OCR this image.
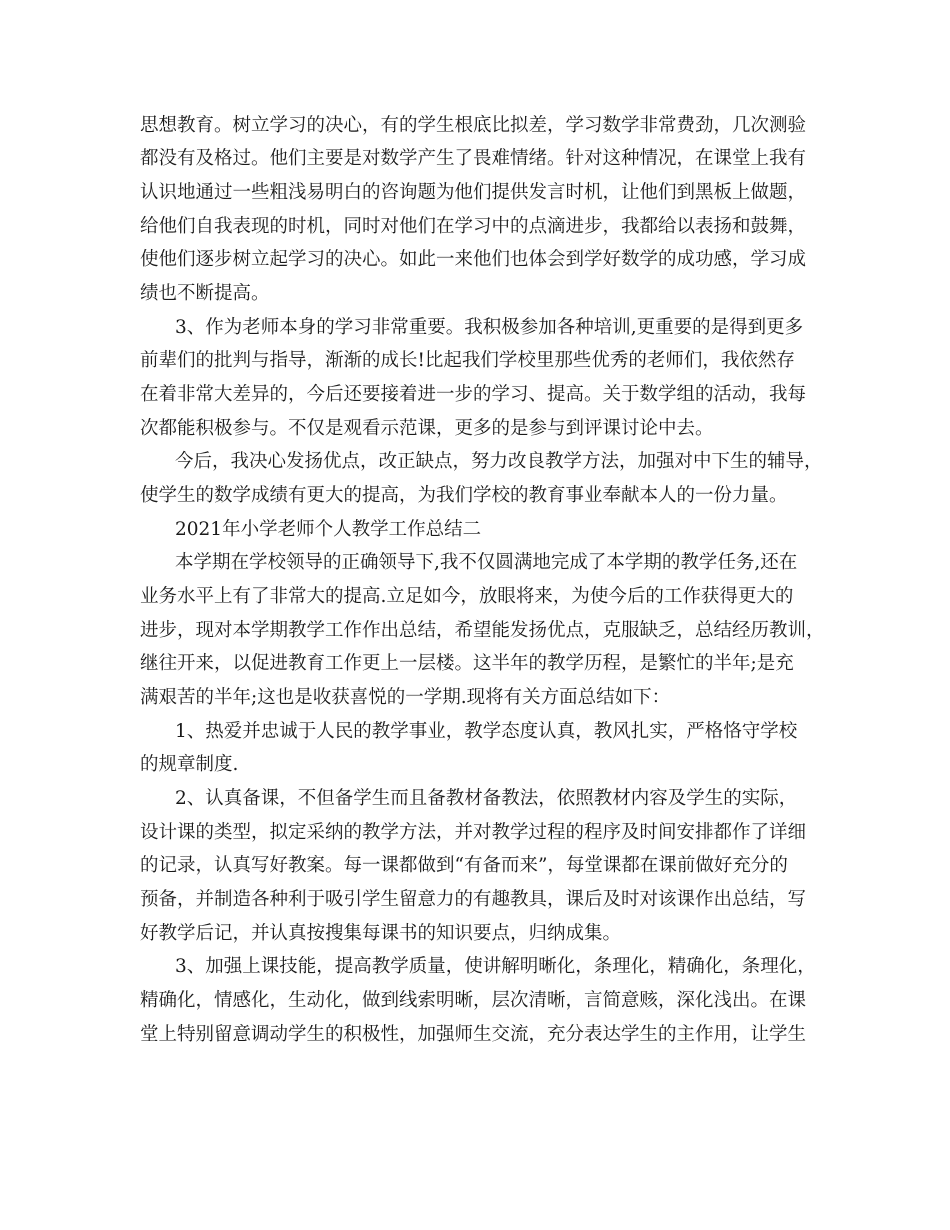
思想教育。树立学习的决心，有的学生根底比拟差，学习数学非常费劲，几次测验
都没有及格过。他们主要是对数学产生了畏难情绪。针对这种情况，在课堂上我有
认识地通过一些粗浅易明白的咨询题为他们提供发言时机，让他们到黑板上做题，
给他们自我表现的时机，同时对他们在学习中的点滴进步，我都给以表扬和鼓舞，
使他们逐步树立起学习的决心。如此一来他们也体会到学好数学的成功感，学习成
绩也不断提高。
3、作为老师本身的学习非常重要。我积极参加各种培训,更重要的是得到更多
前辈们的批判与指导，渐渐的成长!比起我们学校里那些优秀的老师们，我依然存
在着非常大差异的，今后还要接着进一步的学习、提高。关于数学组的活动，我每
次都能积极参与。不仅是观看示范课，更多的是参与到评课讨论中去。
今后，我决心发扬优点，改正缺点，努力改良教学方法，加强对中下生的辅导，
使学生的数学成绩有更大的提高，为我们学校的教育事业奉献本人的一份力量。
2021年小学老师个人教学工作总结二
本学期在学校领导的正确领导下,我不仅圆满地完成了本学期的教学任务,还在
业务水平上有了非常大的提高.立足如今，放眼将来，为使今后的工作获得更大的
进步，现对本学期教学工作作出总结，希望能发扬优点，克服缺乏，总结经历教训，
继往开来，以促进教育工作更上一层楼。这半年的教学历程，是繁忙的半年;是充
满艰苦的半年;这也是收获喜悦的一学期.现将有关方面总结如下：
1、热爱并忠诚于人民的教学事业，教学态度认真，教风扎实，严格恪守学校
的规章制度.
2、认真备课，不但备学生而且备教材备教法，依照教材内容及学生的实际，
设计课的类型，拟定采纳的教学方法，并对教学过程的程序及时间安排都作了详细
的记录，认真写好教案。每一课都做到“有备而来”，每堂课都在课前做好充分的
预备，并制造各种利于吸引学生留意力的有趣教具，课后及时对该课作出总结，写
好教学后记，并认真按搜集每课书的知识要点，归纳成集。
3、加强上课技能，提高教学质量，使讲解明晰化，条理化，精确化，条理化，
精确化，情感化，生动化，做到线索明晰，层次清晰，言简意赅，深化浅出。在课
堂上特别留意调动学生的积极性，加强师生交流，充分表达学生的主作用，让学生
